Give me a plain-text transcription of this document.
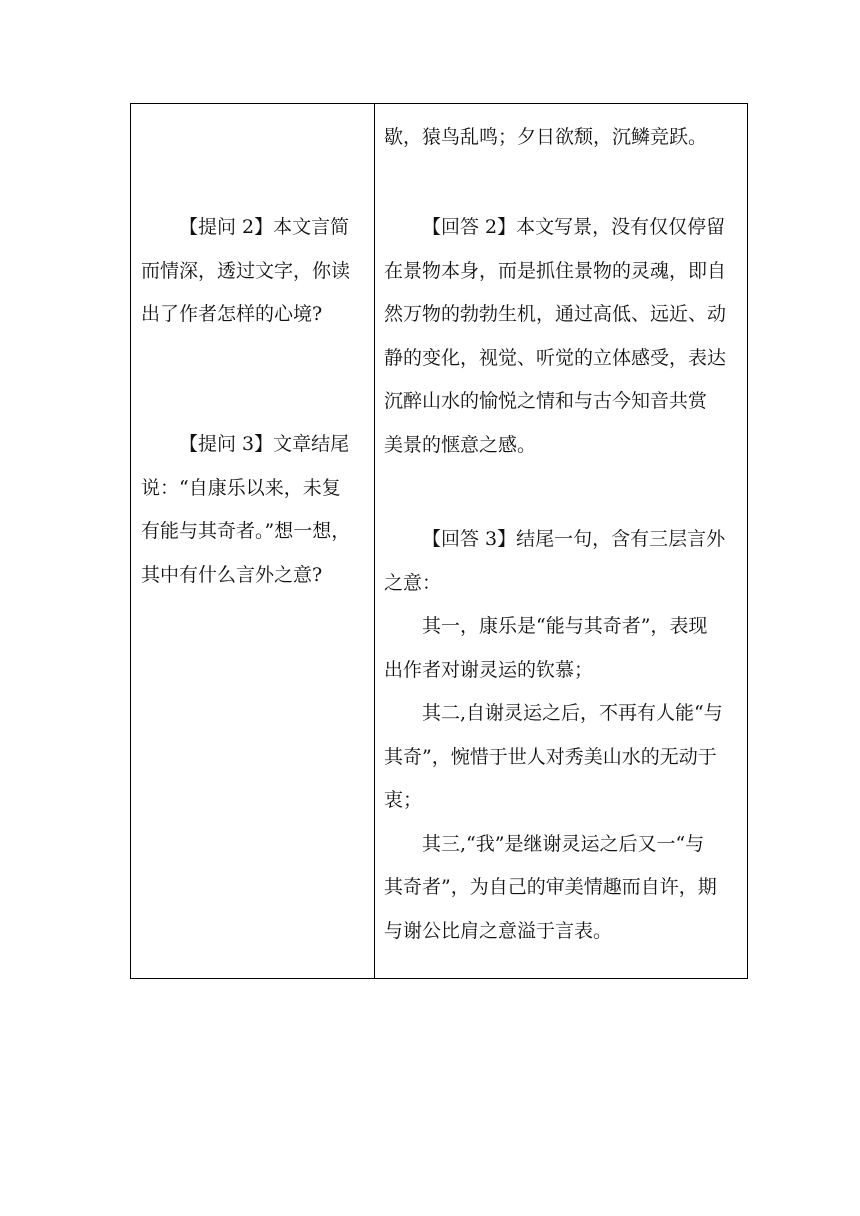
【提问 2】本文言简
而情深，透过文字，你读
出了作者怎样的心境?
【提问 3】文章结尾
说：“自康乐以来，未复
有能与其奇者。”想一想，
其中有什么言外之意?
歇，猿鸟乱鸣；夕日欲颓，沉鳞竞跃。
【回答 2】本文写景，没有仅仅停留
在景物本身，而是抓住景物的灵魂，即自
然万物的勃勃生机，通过高低、远近、动
静的变化，视觉、听觉的立体感受，表达
沉醉山水的愉悦之情和与古今知音共赏
美景的惬意之感。
【回答 3】结尾一句，含有三层言外
之意：
其一，康乐是“能与其奇者”，表现
出作者对谢灵运的钦慕；
其二,自谢灵运之后，不再有人能“与
其奇”，惋惜于世人对秀美山水的无动于
衷；
其三,“我”是继谢灵运之后又一“与
其奇者”，为自己的审美情趣而自许，期
与谢公比肩之意溢于言表。
